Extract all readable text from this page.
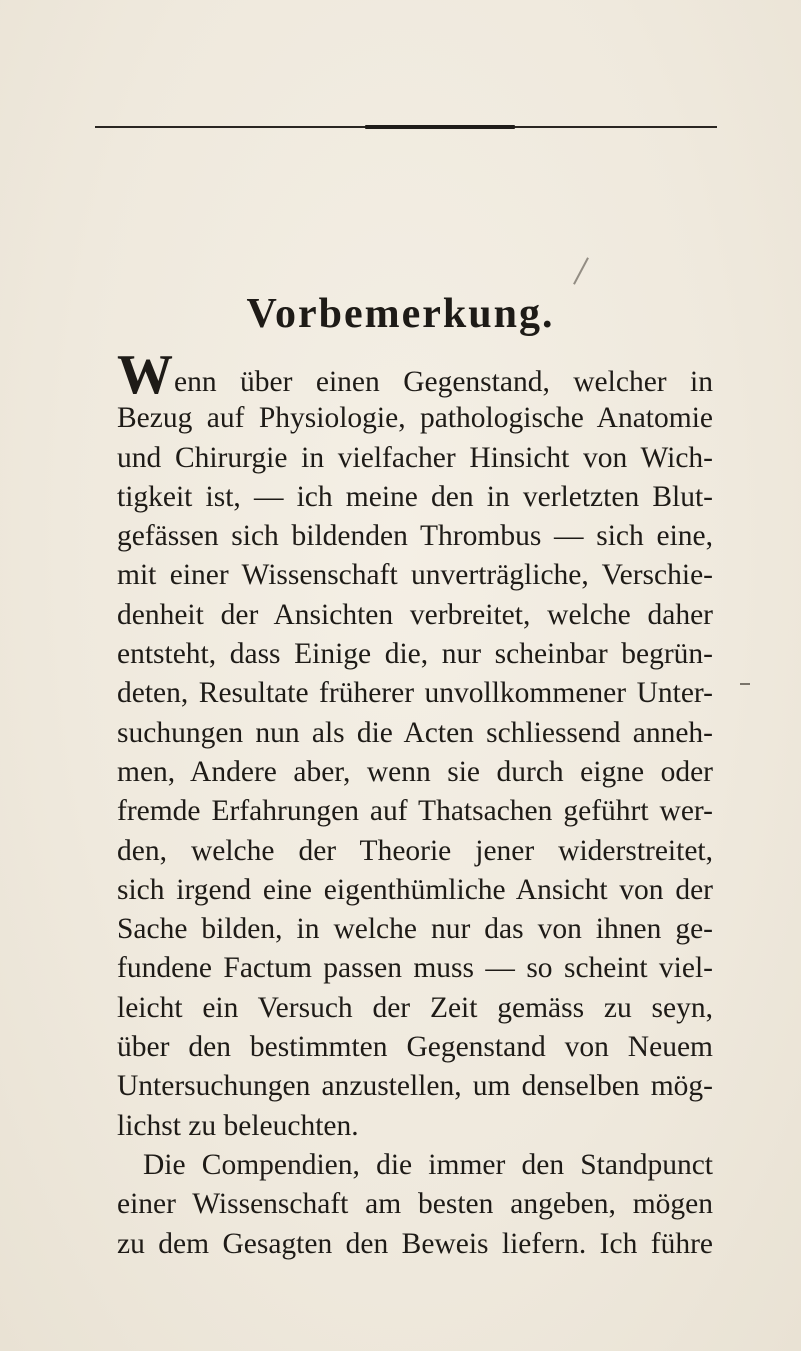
Vorbemerkung.
Wenn über einen Gegenstand, welcher in
Bezug auf Physiologie, pathologische Anatomie
und Chirurgie in vielfacher Hinsicht von Wich-
tigkeit ist, — ich meine den in verletzten Blut-
gefässen sich bildenden Thrombus — sich eine,
mit einer Wissenschaft unverträgliche, Verschie-
denheit der Ansichten verbreitet, welche daher
entsteht, dass Einige die, nur scheinbar begrün-
deten, Resultate früherer unvollkommener Unter-
suchungen nun als die Acten schliessend anneh-
men, Andere aber, wenn sie durch eigne oder
fremde Erfahrungen auf Thatsachen geführt wer-
den, welche der Theorie jener widerstreitet,
sich irgend eine eigenthümliche Ansicht von der
Sache bilden, in welche nur das von ihnen ge-
fundene Factum passen muss — so scheint viel-
leicht ein Versuch der Zeit gemäss zu seyn,
über den bestimmten Gegenstand von Neuem
Untersuchungen anzustellen, um denselben mög-
lichst zu beleuchten.
Die Compendien, die immer den Standpunct
einer Wissenschaft am besten angeben, mögen
zu dem Gesagten den Beweis liefern. Ich führe
